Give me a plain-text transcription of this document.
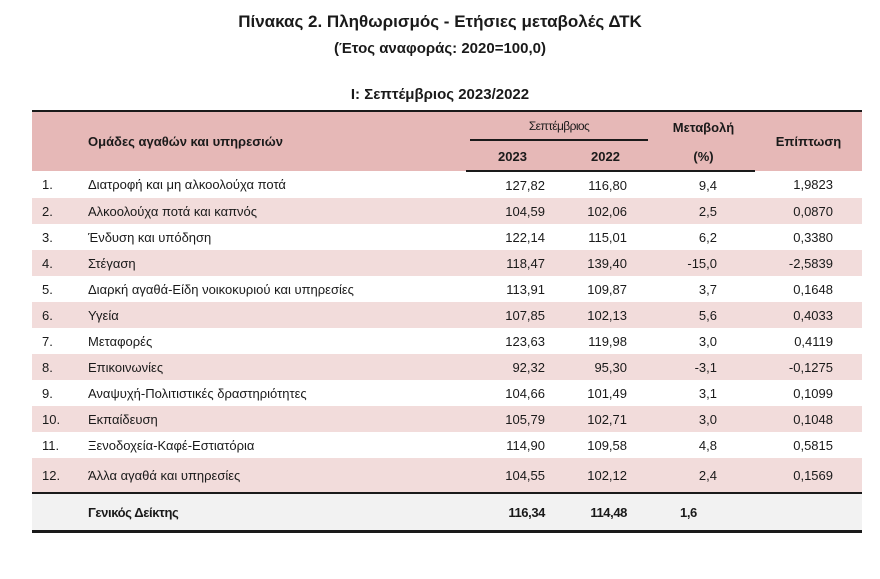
Πίνακας 2. Πληθωρισμός - Ετήσιες μεταβολές ΔΤΚ
(Έτος αναφοράς: 2020=100,0)
I: Σεπτέμβριος 2023/2022
Ομάδες αγαθών και υπηρεσιών		Σεπτέμβριος		Μεταβολή	Επίπτωση
		2023	2022	(%)	
1.	Διατροφή και μη αλκοολούχα ποτά	127,82	116,80	9,4	1,9823
2.	Αλκοολούχα ποτά και καπνός	104,59	102,06	2,5	0,0870
3.	Ένδυση και υπόδηση	122,14	115,01	6,2	0,3380
4.	Στέγαση	118,47	139,40	-15,0	-2,5839
5.	Διαρκή αγαθά-Είδη νοικοκυριού και υπηρεσίες	113,91	109,87	3,7	0,1648
6.	Υγεία	107,85	102,13	5,6	0,4033
7.	Μεταφορές	123,63	119,98	3,0	0,4119
8.	Επικοινωνίες	92,32	95,30	-3,1	-0,1275
9.	Αναψυχή-Πολιτιστικές δραστηριότητες	104,66	101,49	3,1	0,1099
10.	Εκπαίδευση	105,79	102,71	3,0	0,1048
11.	Ξενοδοχεία-Καφέ-Εστιατόρια	114,90	109,58	4,8	0,5815
12.	Άλλα αγαθά και υπηρεσίες	104,55	102,12	2,4	0,1569
	Γενικός Δείκτης	116,34	114,48	1,6	
